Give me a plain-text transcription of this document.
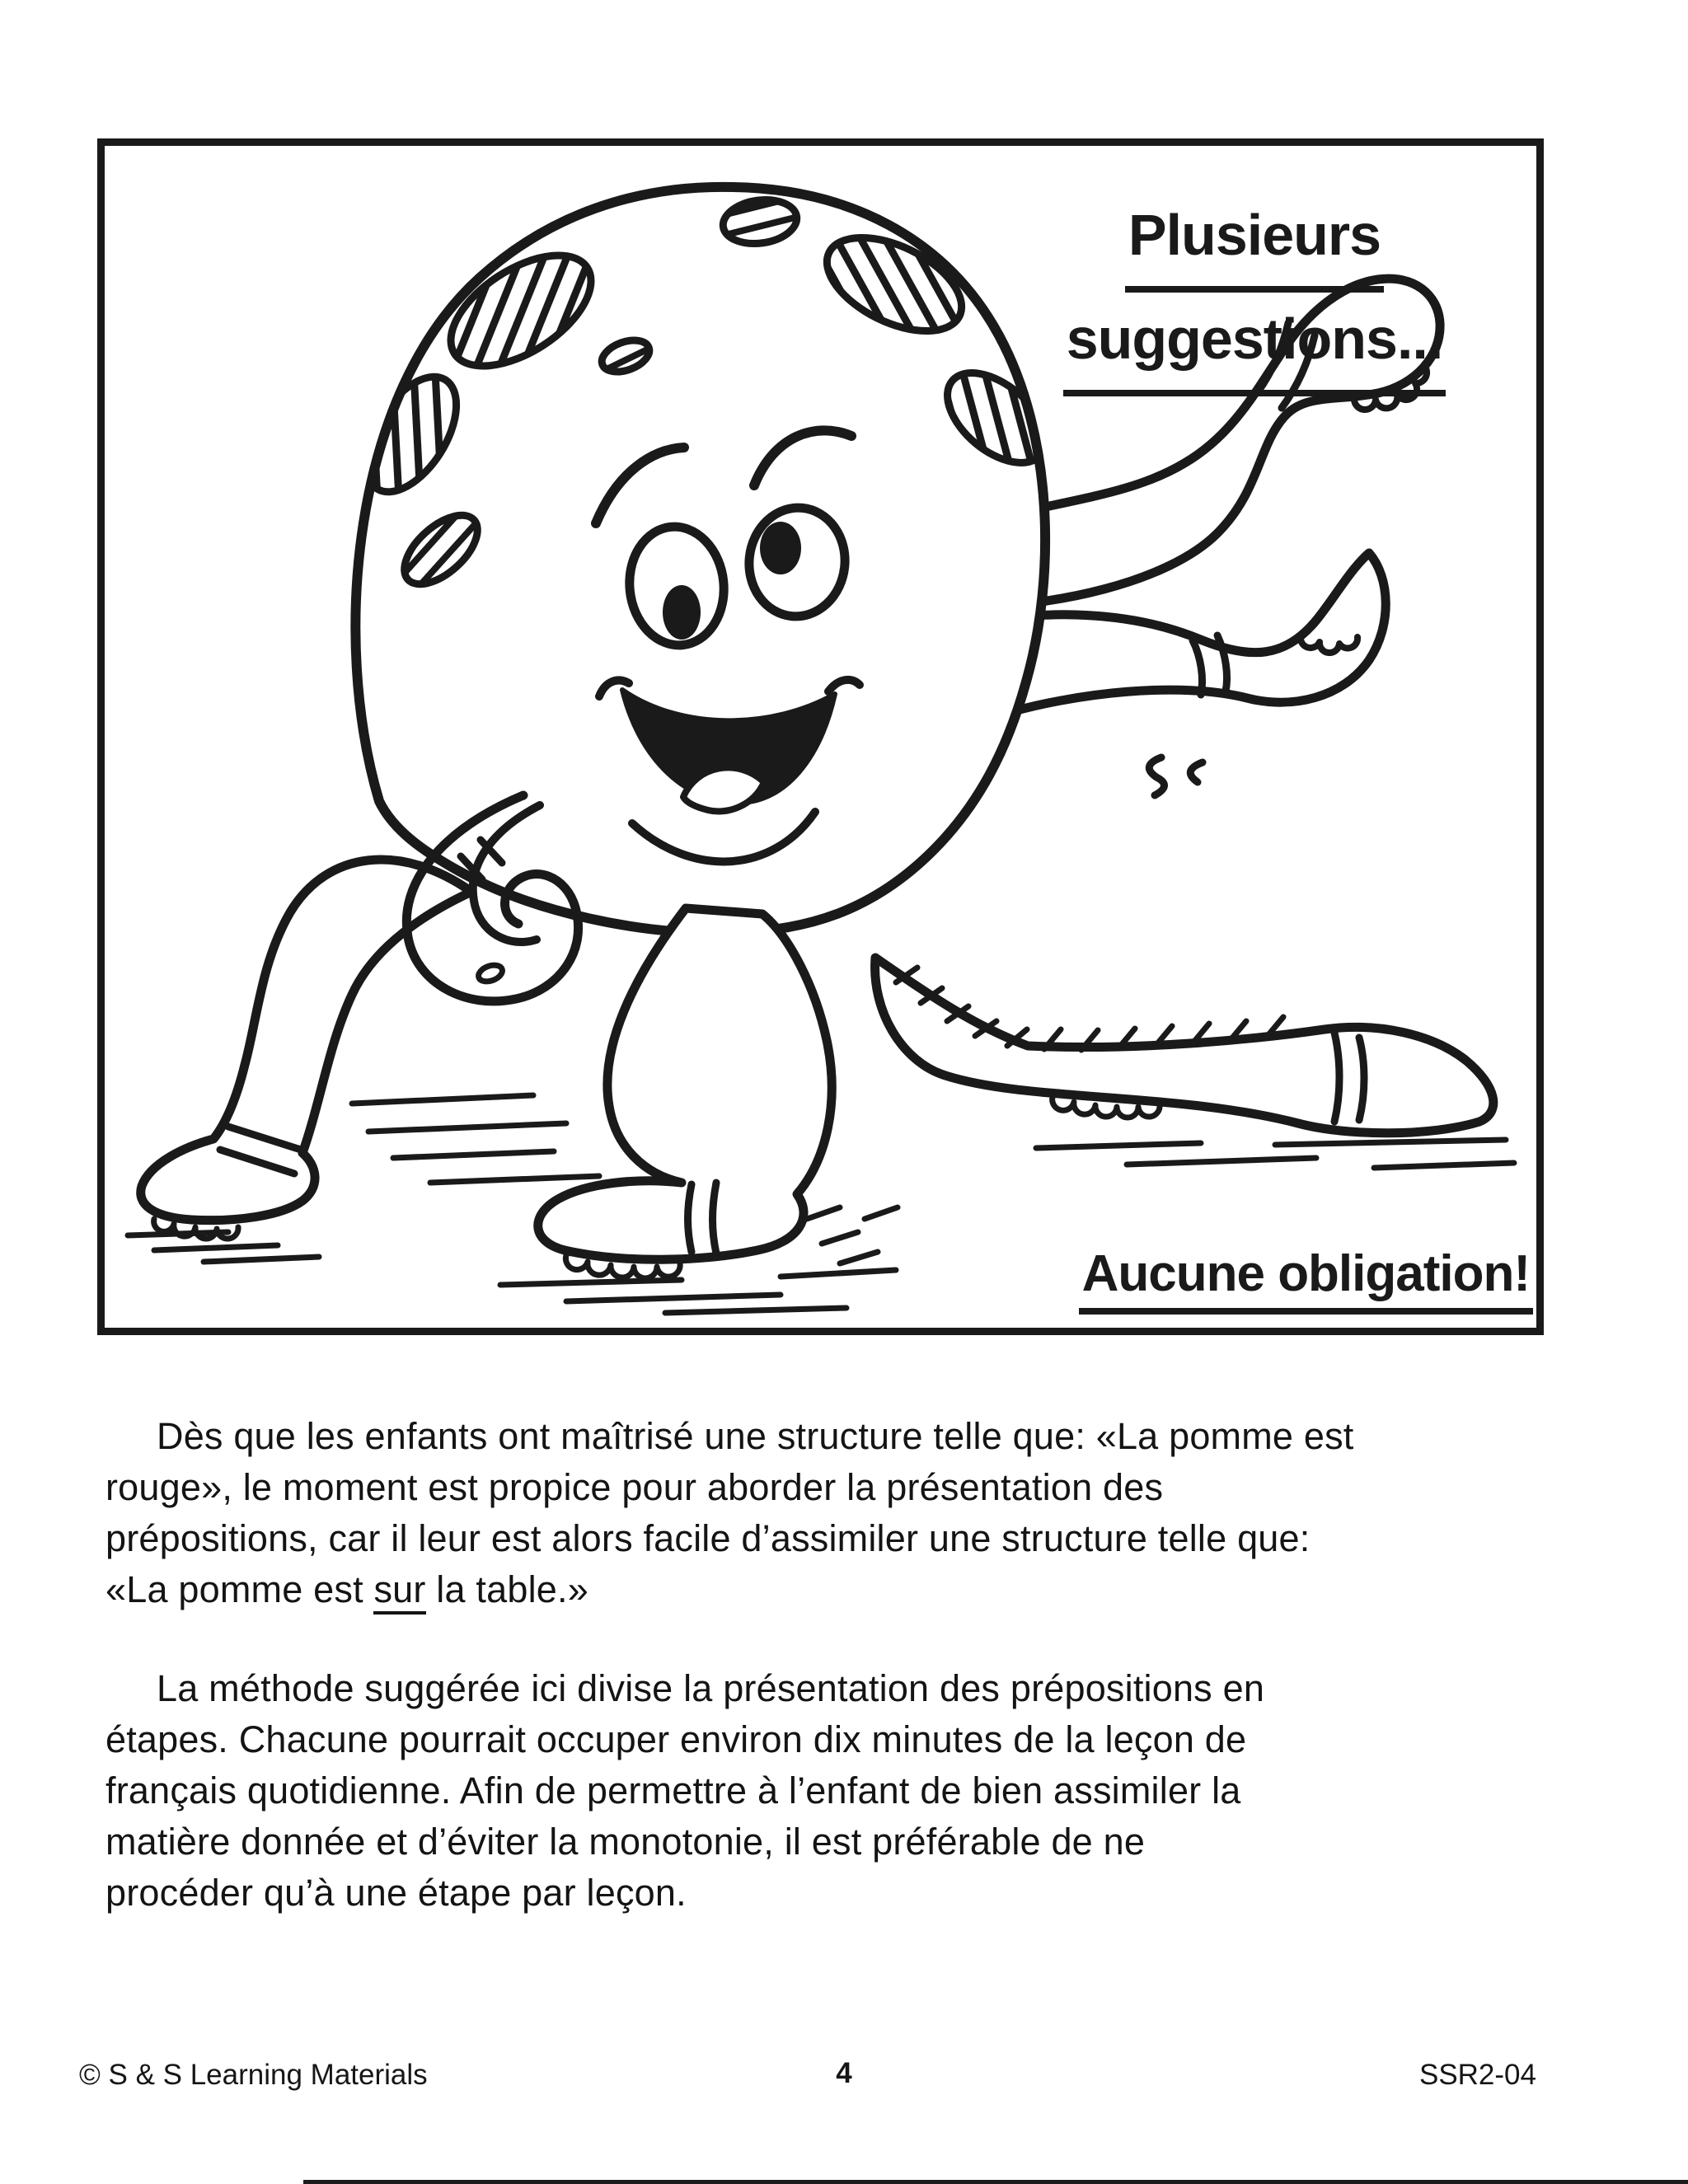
Plusieurs
suggestions...
Aucune obligation!
Dès que les enfants ont maîtrisé une structure telle que: «La pomme est
rouge», le moment est propice pour aborder la présentation des
prépositions, car il leur est alors facile d’assimiler une structure telle que:
«La pomme est sur la table.»
La méthode suggérée ici divise la présentation des prépositions en
étapes. Chacune pourrait occuper environ dix minutes de la leçon de
français quotidienne. Afin de permettre à l’enfant de bien assimiler la
matière donnée et d’éviter la monotonie, il est préférable de ne
procéder qu’à une étape par leçon.
© S & S Learning Materials	4	SSR2-04
